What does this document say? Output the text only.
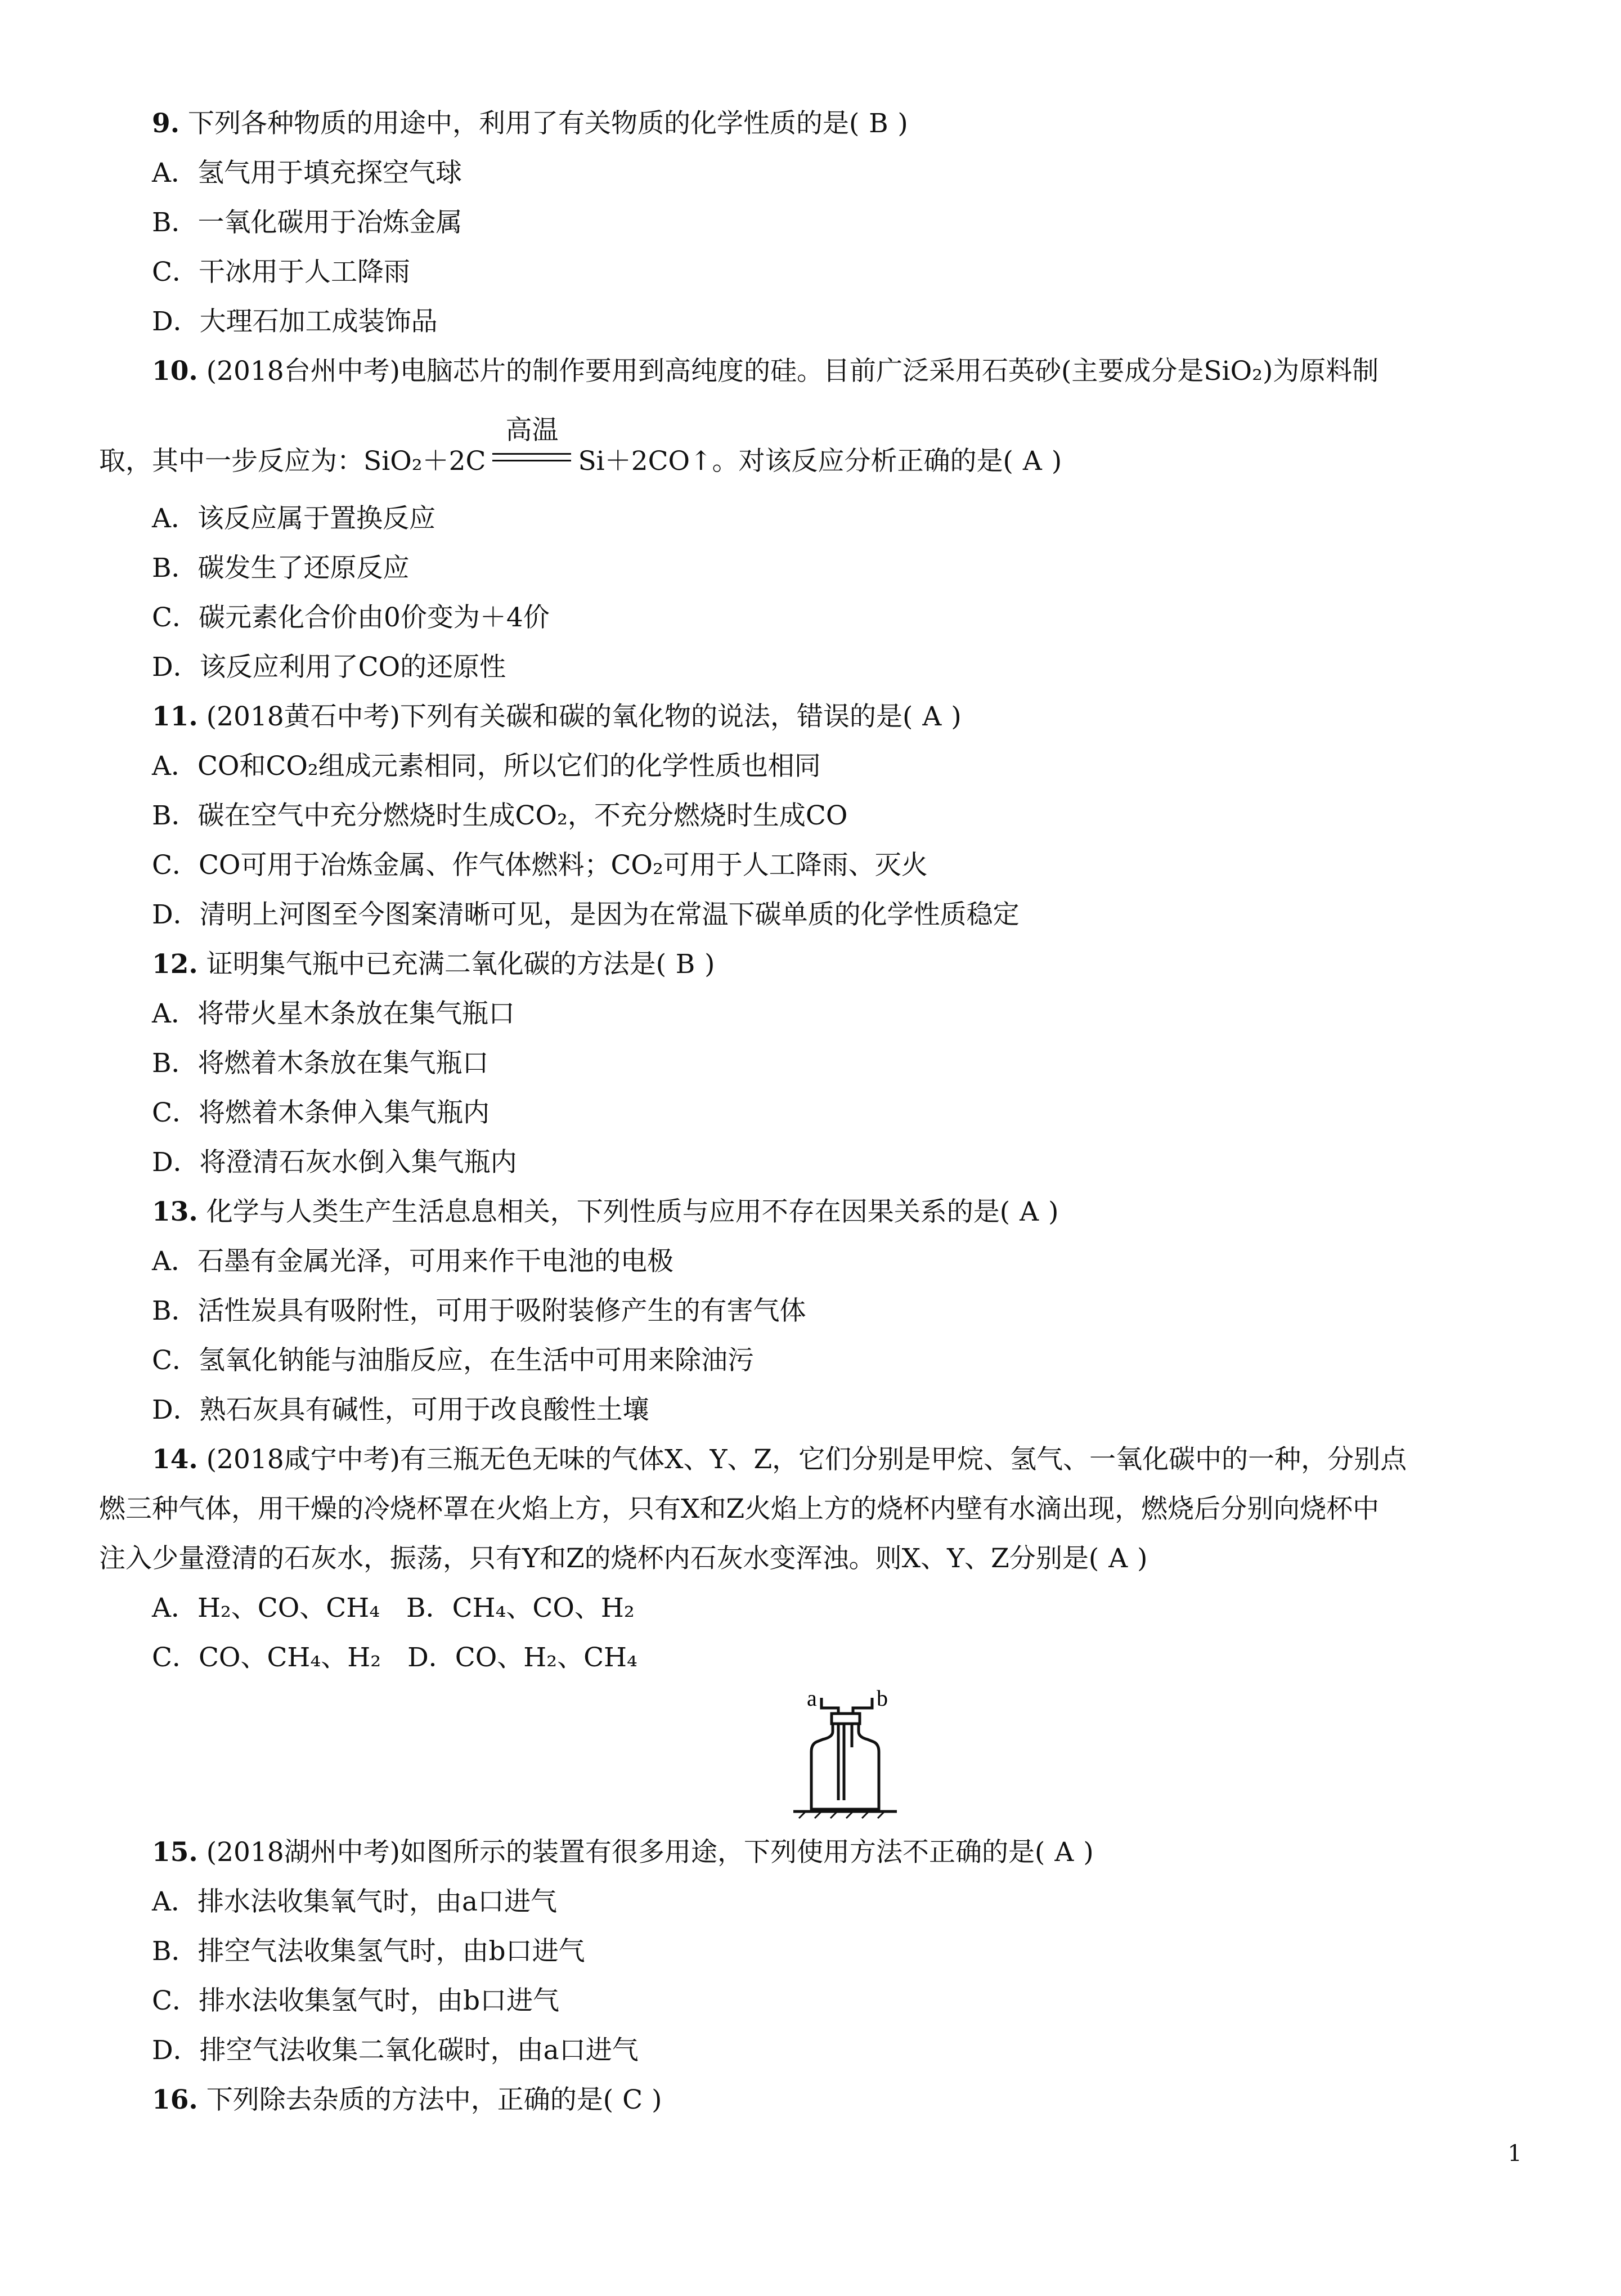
9. 下列各种物质的用途中，利用了有关物质的化学性质的是( B )
A．氢气用于填充探空气球
B．一氧化碳用于冶炼金属
C．干冰用于人工降雨
D．大理石加工成装饰品
10. (2018台州中考)电脑芯片的制作要用到高纯度的硅。目前广泛采用石英砂(主要成分是SiO₂)为原料制
取，其中一步反应为：SiO₂＋2C
高温
Si＋2CO↑。对该反应分析正确的是( A )
A．该反应属于置换反应
B．碳发生了还原反应
C．碳元素化合价由0价变为＋4价
D．该反应利用了CO的还原性
11. (2018黄石中考)下列有关碳和碳的氧化物的说法，错误的是( A )
A．CO和CO₂组成元素相同，所以它们的化学性质也相同
B．碳在空气中充分燃烧时生成CO₂，不充分燃烧时生成CO
C．CO可用于冶炼金属、作气体燃料；CO₂可用于人工降雨、灭火
D．清明上河图至今图案清晰可见，是因为在常温下碳单质的化学性质稳定
12. 证明集气瓶中已充满二氧化碳的方法是( B )
A．将带火星木条放在集气瓶口
B．将燃着木条放在集气瓶口
C．将燃着木条伸入集气瓶内
D．将澄清石灰水倒入集气瓶内
13. 化学与人类生产生活息息相关，下列性质与应用不存在因果关系的是( A )
A．石墨有金属光泽，可用来作干电池的电极
B．活性炭具有吸附性，可用于吸附装修产生的有害气体
C．氢氧化钠能与油脂反应，在生活中可用来除油污
D．熟石灰具有碱性，可用于改良酸性土壤
14. (2018咸宁中考)有三瓶无色无味的气体X、Y、Z，它们分别是甲烷、氢气、一氧化碳中的一种，分别点
燃三种气体，用干燥的冷烧杯罩在火焰上方，只有X和Z火焰上方的烧杯内壁有水滴出现，燃烧后分别向烧杯中
注入少量澄清的石灰水，振荡，只有Y和Z的烧杯内石灰水变浑浊。则X、Y、Z分别是( A )
A．H₂、CO、CH₄　B．CH₄、CO、H₂
C．CO、CH₄、H₂　D．CO、H₂、CH₄
a	b
15. (2018湖州中考)如图所示的装置有很多用途，下列使用方法不正确的是( A )
A．排水法收集氧气时，由a口进气
B．排空气法收集氢气时，由b口进气
C．排水法收集氢气时，由b口进气
D．排空气法收集二氧化碳时，由a口进气
16. 下列除去杂质的方法中，正确的是( C )
1
